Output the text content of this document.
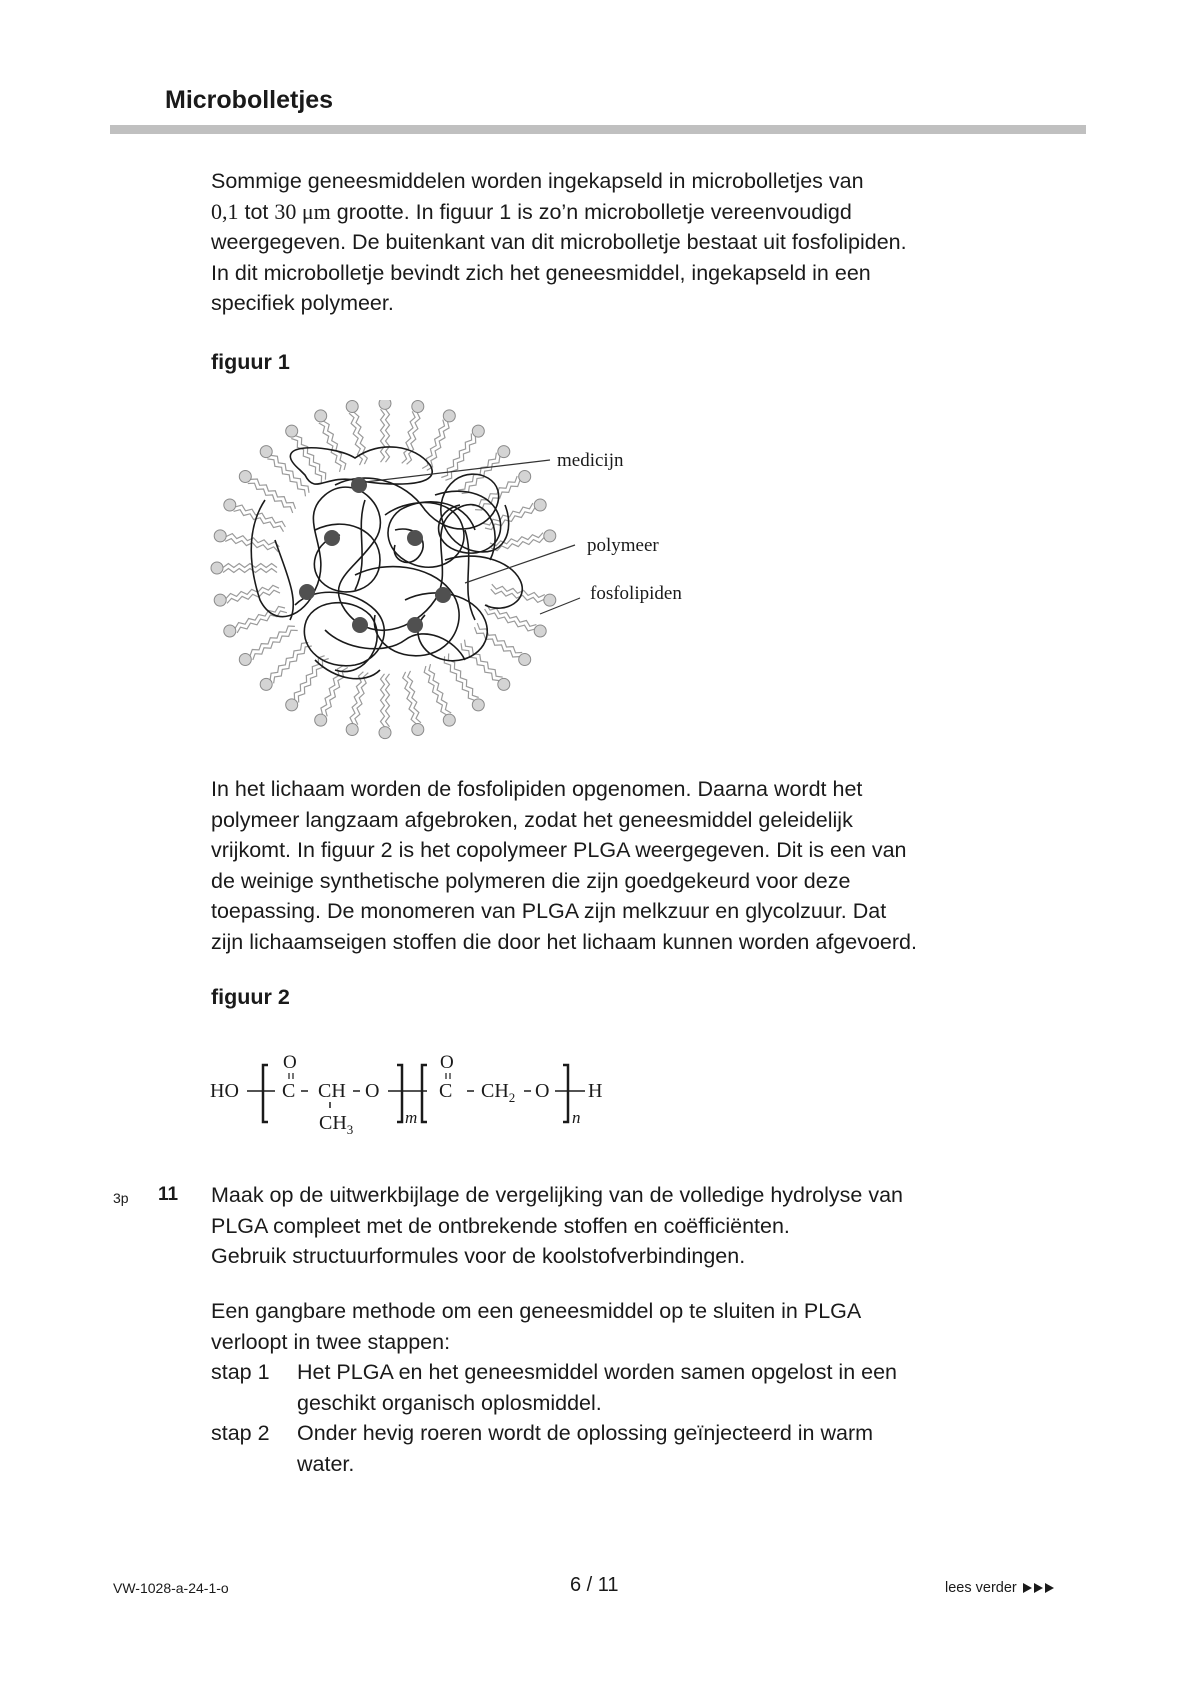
Microbolletjes
Sommige geneesmiddelen worden ingekapseld in microbolletjes van
0,1 tot 30 μm grootte. In figuur 1 is zo’n microbolletje vereenvoudigd
weergegeven. De buitenkant van dit microbolletje bestaat uit fosfolipiden.
In dit microbolletje bevindt zich het geneesmiddel, ingekapseld in een
specifiek polymeer.
figuur 1
medicijn
polymeer
fosfolipiden
In het lichaam worden de fosfolipiden opgenomen. Daarna wordt het
polymeer langzaam afgebroken, zodat het geneesmiddel geleidelijk
vrijkomt. In figuur 2 is het copolymeer PLGA weergegeven. Dit is een van
de weinige synthetische polymeren die zijn goedgekeurd voor deze
toepassing. De monomeren van PLGA zijn melkzuur en glycolzuur. Dat
zijn lichaamseigen stoffen die door het lichaam kunnen worden afgevoerd.
figuur 2
HO
O
C CH O
$CH_3$
m
O
C $CH_2$ O
n
H
3p 11 Maak op de uitwerkbijlage de vergelijking van de volledige hydrolyse van
PLGA compleet met de ontbrekende stoffen en coëfficiënten.
Gebruik structuurformules voor de koolstofverbindingen.
Een gangbare methode om een geneesmiddel op te sluiten in PLGA
verloopt in twee stappen:
stap 1	Het PLGA en het geneesmiddel worden samen opgelost in een
geschikt organisch oplosmiddel.
stap 2	Onder hevig roeren wordt de oplossing geïnjecteerd in warm
water.
VW-1028-a-24-1-o	6 / 11	lees verder
